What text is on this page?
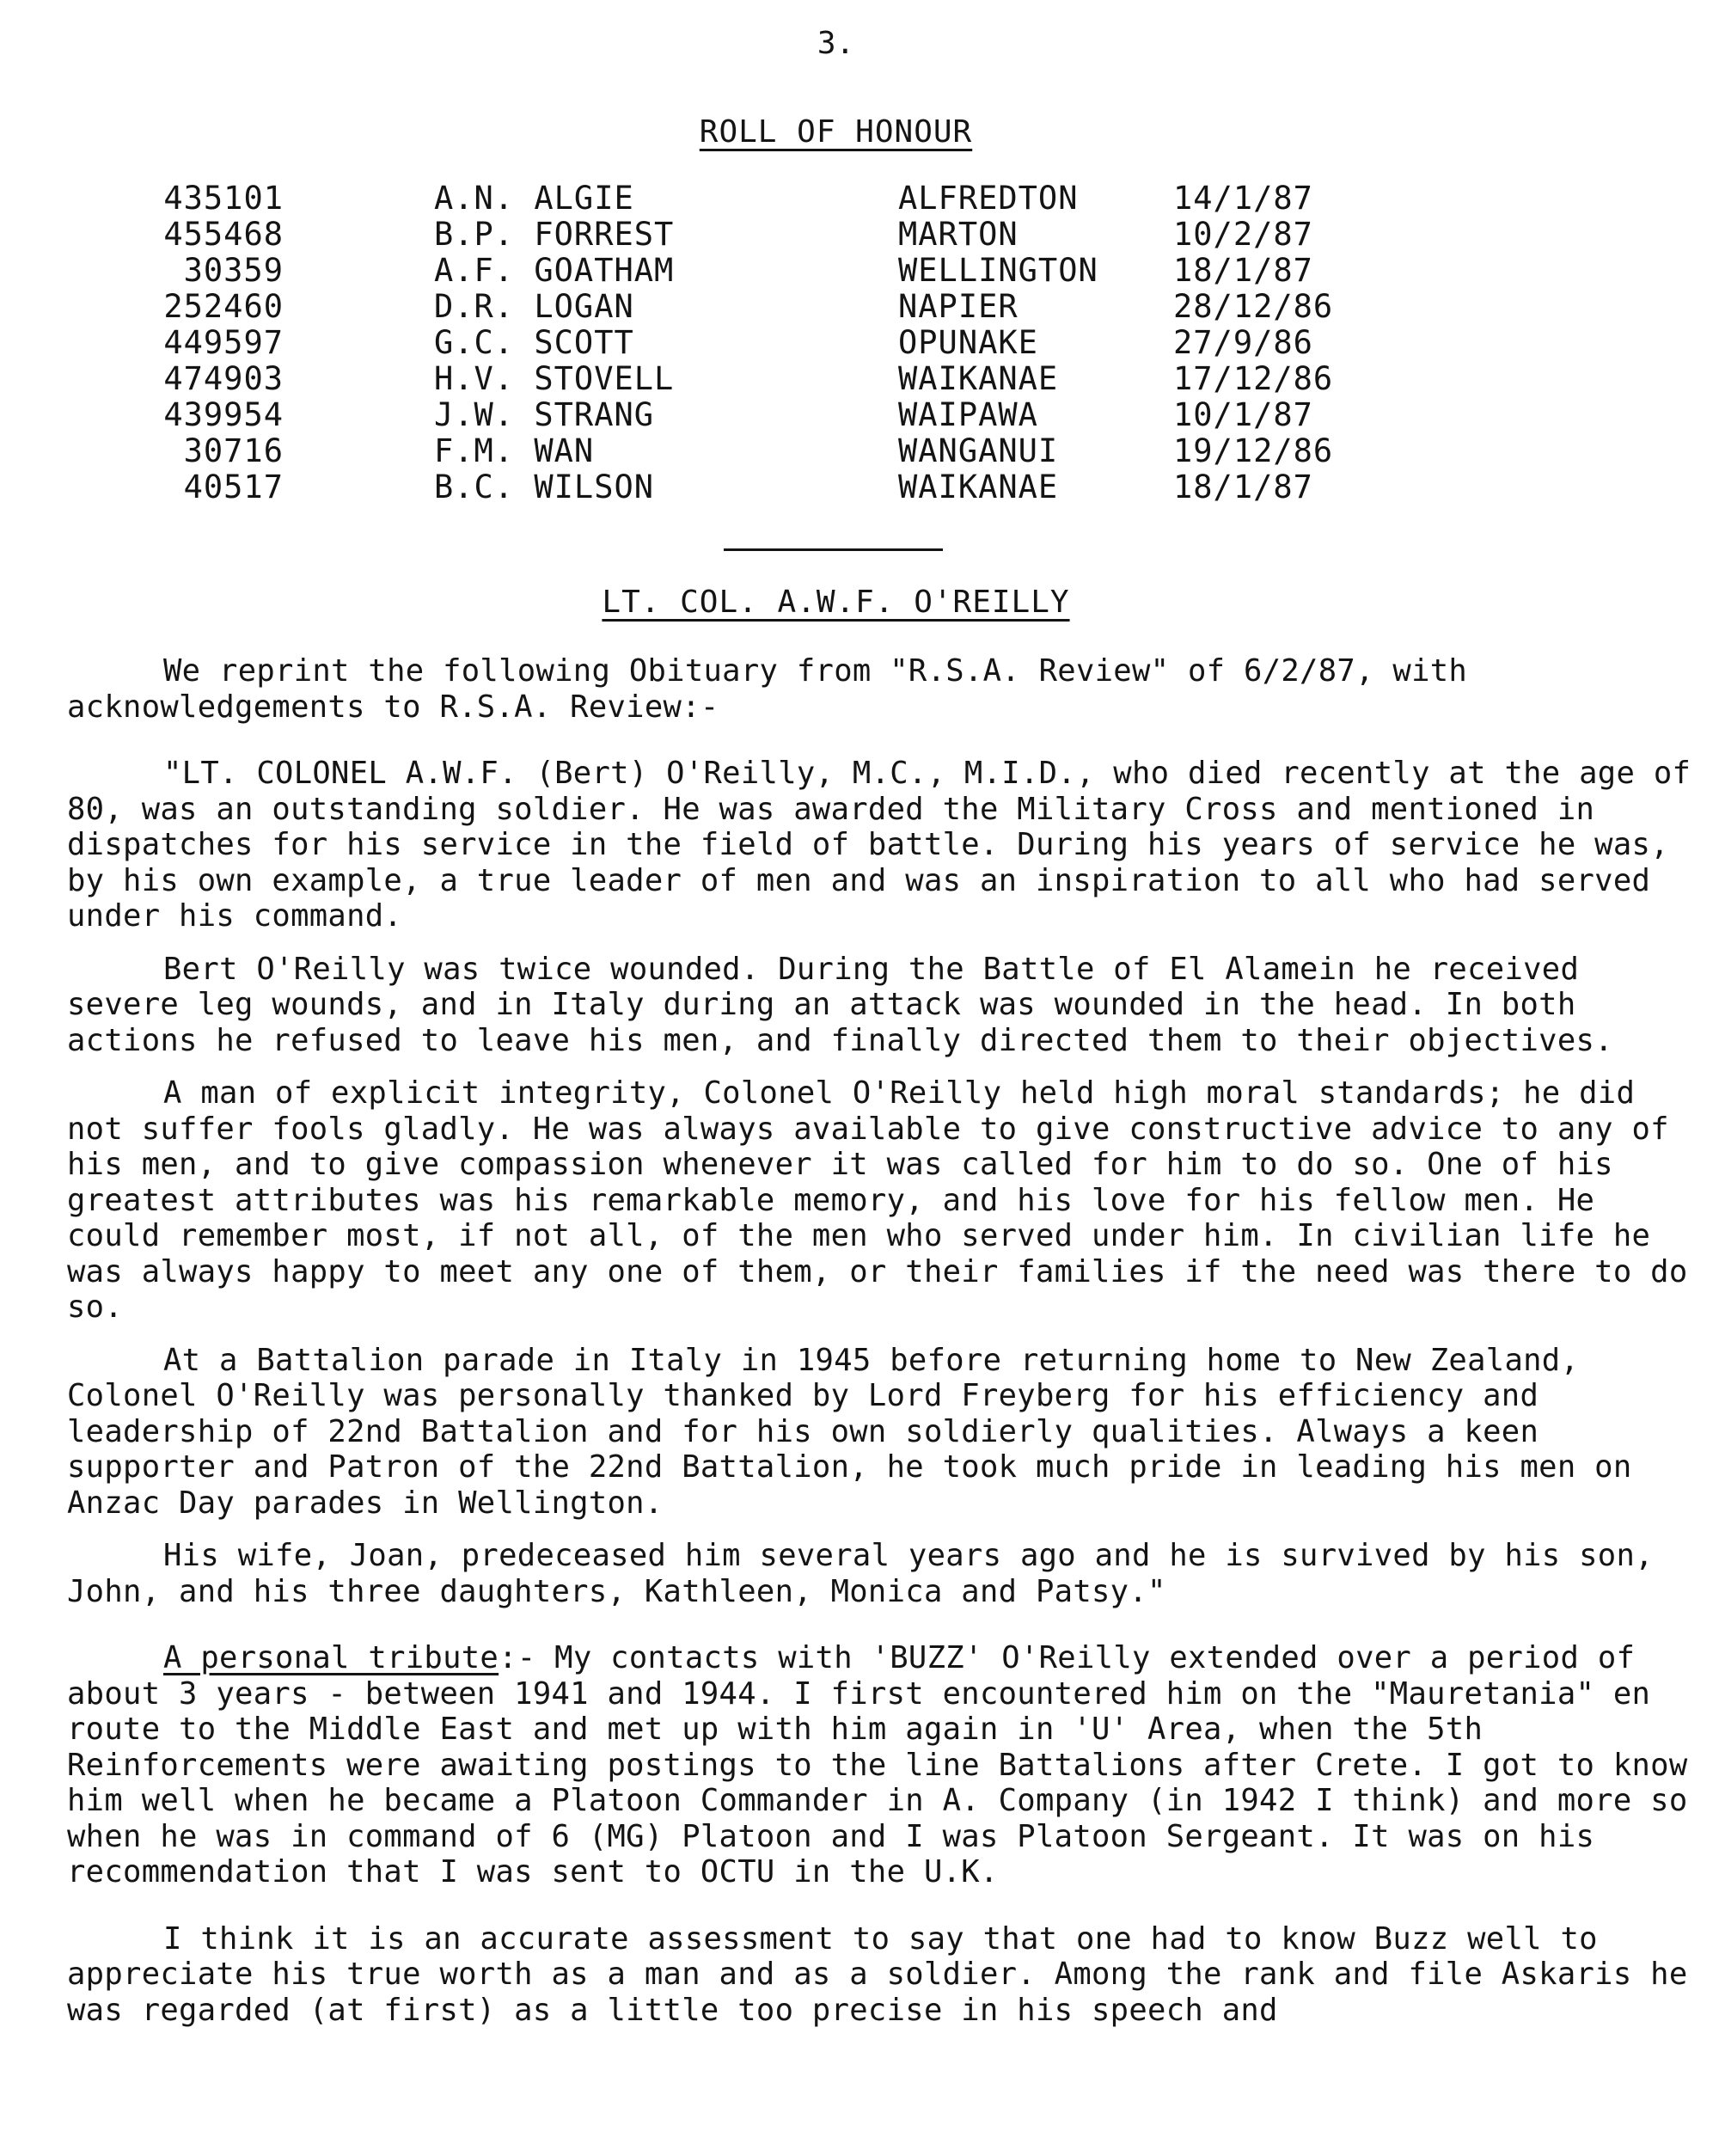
3.
ROLL OF HONOUR
435101		A.N. ALGIE	ALFREDTON	14/1/87
455468		B.P. FORREST	MARTON	10/2/87
30359		A.F. GOATHAM	WELLINGTON	18/1/87
252460		D.R. LOGAN	NAPIER	28/12/86
449597		G.C. SCOTT	OPUNAKE	27/9/86
474903		H.V. STOVELL	WAIKANAE	17/12/86
439954		J.W. STRANG	WAIPAWA	10/1/87
30716		F.M. WAN	WANGANUI	19/12/86
40517		B.C. WILSON	WAIKANAE	18/1/87
LT. COL. A.W.F. O'REILLY

We reprint the following Obituary from "R.S.A. Review" of 6/2/87, with acknowledgements to R.S.A. Review:-

"LT. COLONEL A.W.F. (Bert) O'Reilly, M.C., M.I.D., who died recently at the age of 80, was an outstanding soldier. He was awarded the Military Cross and mentioned in dispatches for his service in the field of battle. During his years of service he was, by his own example, a true leader of men and was an inspiration to all who had served under his command.

Bert O'Reilly was twice wounded. During the Battle of El Alamein he received severe leg wounds, and in Italy during an attack was wounded in the head. In both actions he refused to leave his men, and finally directed them to their objectives.

A man of explicit integrity, Colonel O'Reilly held high moral standards; he did not suffer fools gladly. He was always available to give constructive advice to any of his men, and to give compassion whenever it was called for him to do so. One of his greatest attributes was his remarkable memory, and his love for his fellow men. He could remember most, if not all, of the men who served under him. In civilian life he was always happy to meet any one of them, or their families if the need was there to do so.

At a Battalion parade in Italy in 1945 before returning home to New Zealand, Colonel O'Reilly was personally thanked by Lord Freyberg for his efficiency and leadership of 22nd Battalion and for his own soldierly qualities. Always a keen supporter and Patron of the 22nd Battalion, he took much pride in leading his men on Anzac Day parades in Wellington.

His wife, Joan, predeceased him several years ago and he is survived by his son, John, and his three daughters, Kathleen, Monica and Patsy."

A personal tribute:- My contacts with 'BUZZ' O'Reilly extended over a period of about 3 years - between 1941 and 1944. I first encountered him on the "Mauretania" en route to the Middle East and met up with him again in 'U' Area, when the 5th Reinforcements were awaiting postings to the line Battalions after Crete. I got to know him well when he became a Platoon Commander in A. Company (in 1942 I think) and more so when he was in command of 6 (MG) Platoon and I was Platoon Sergeant. It was on his recommendation that I was sent to OCTU in the U.K.

I think it is an accurate assessment to say that one had to know Buzz well to appreciate his true worth as a man and as a soldier. Among the rank and file Askaris he was regarded (at first) as a little too precise in his speech and
